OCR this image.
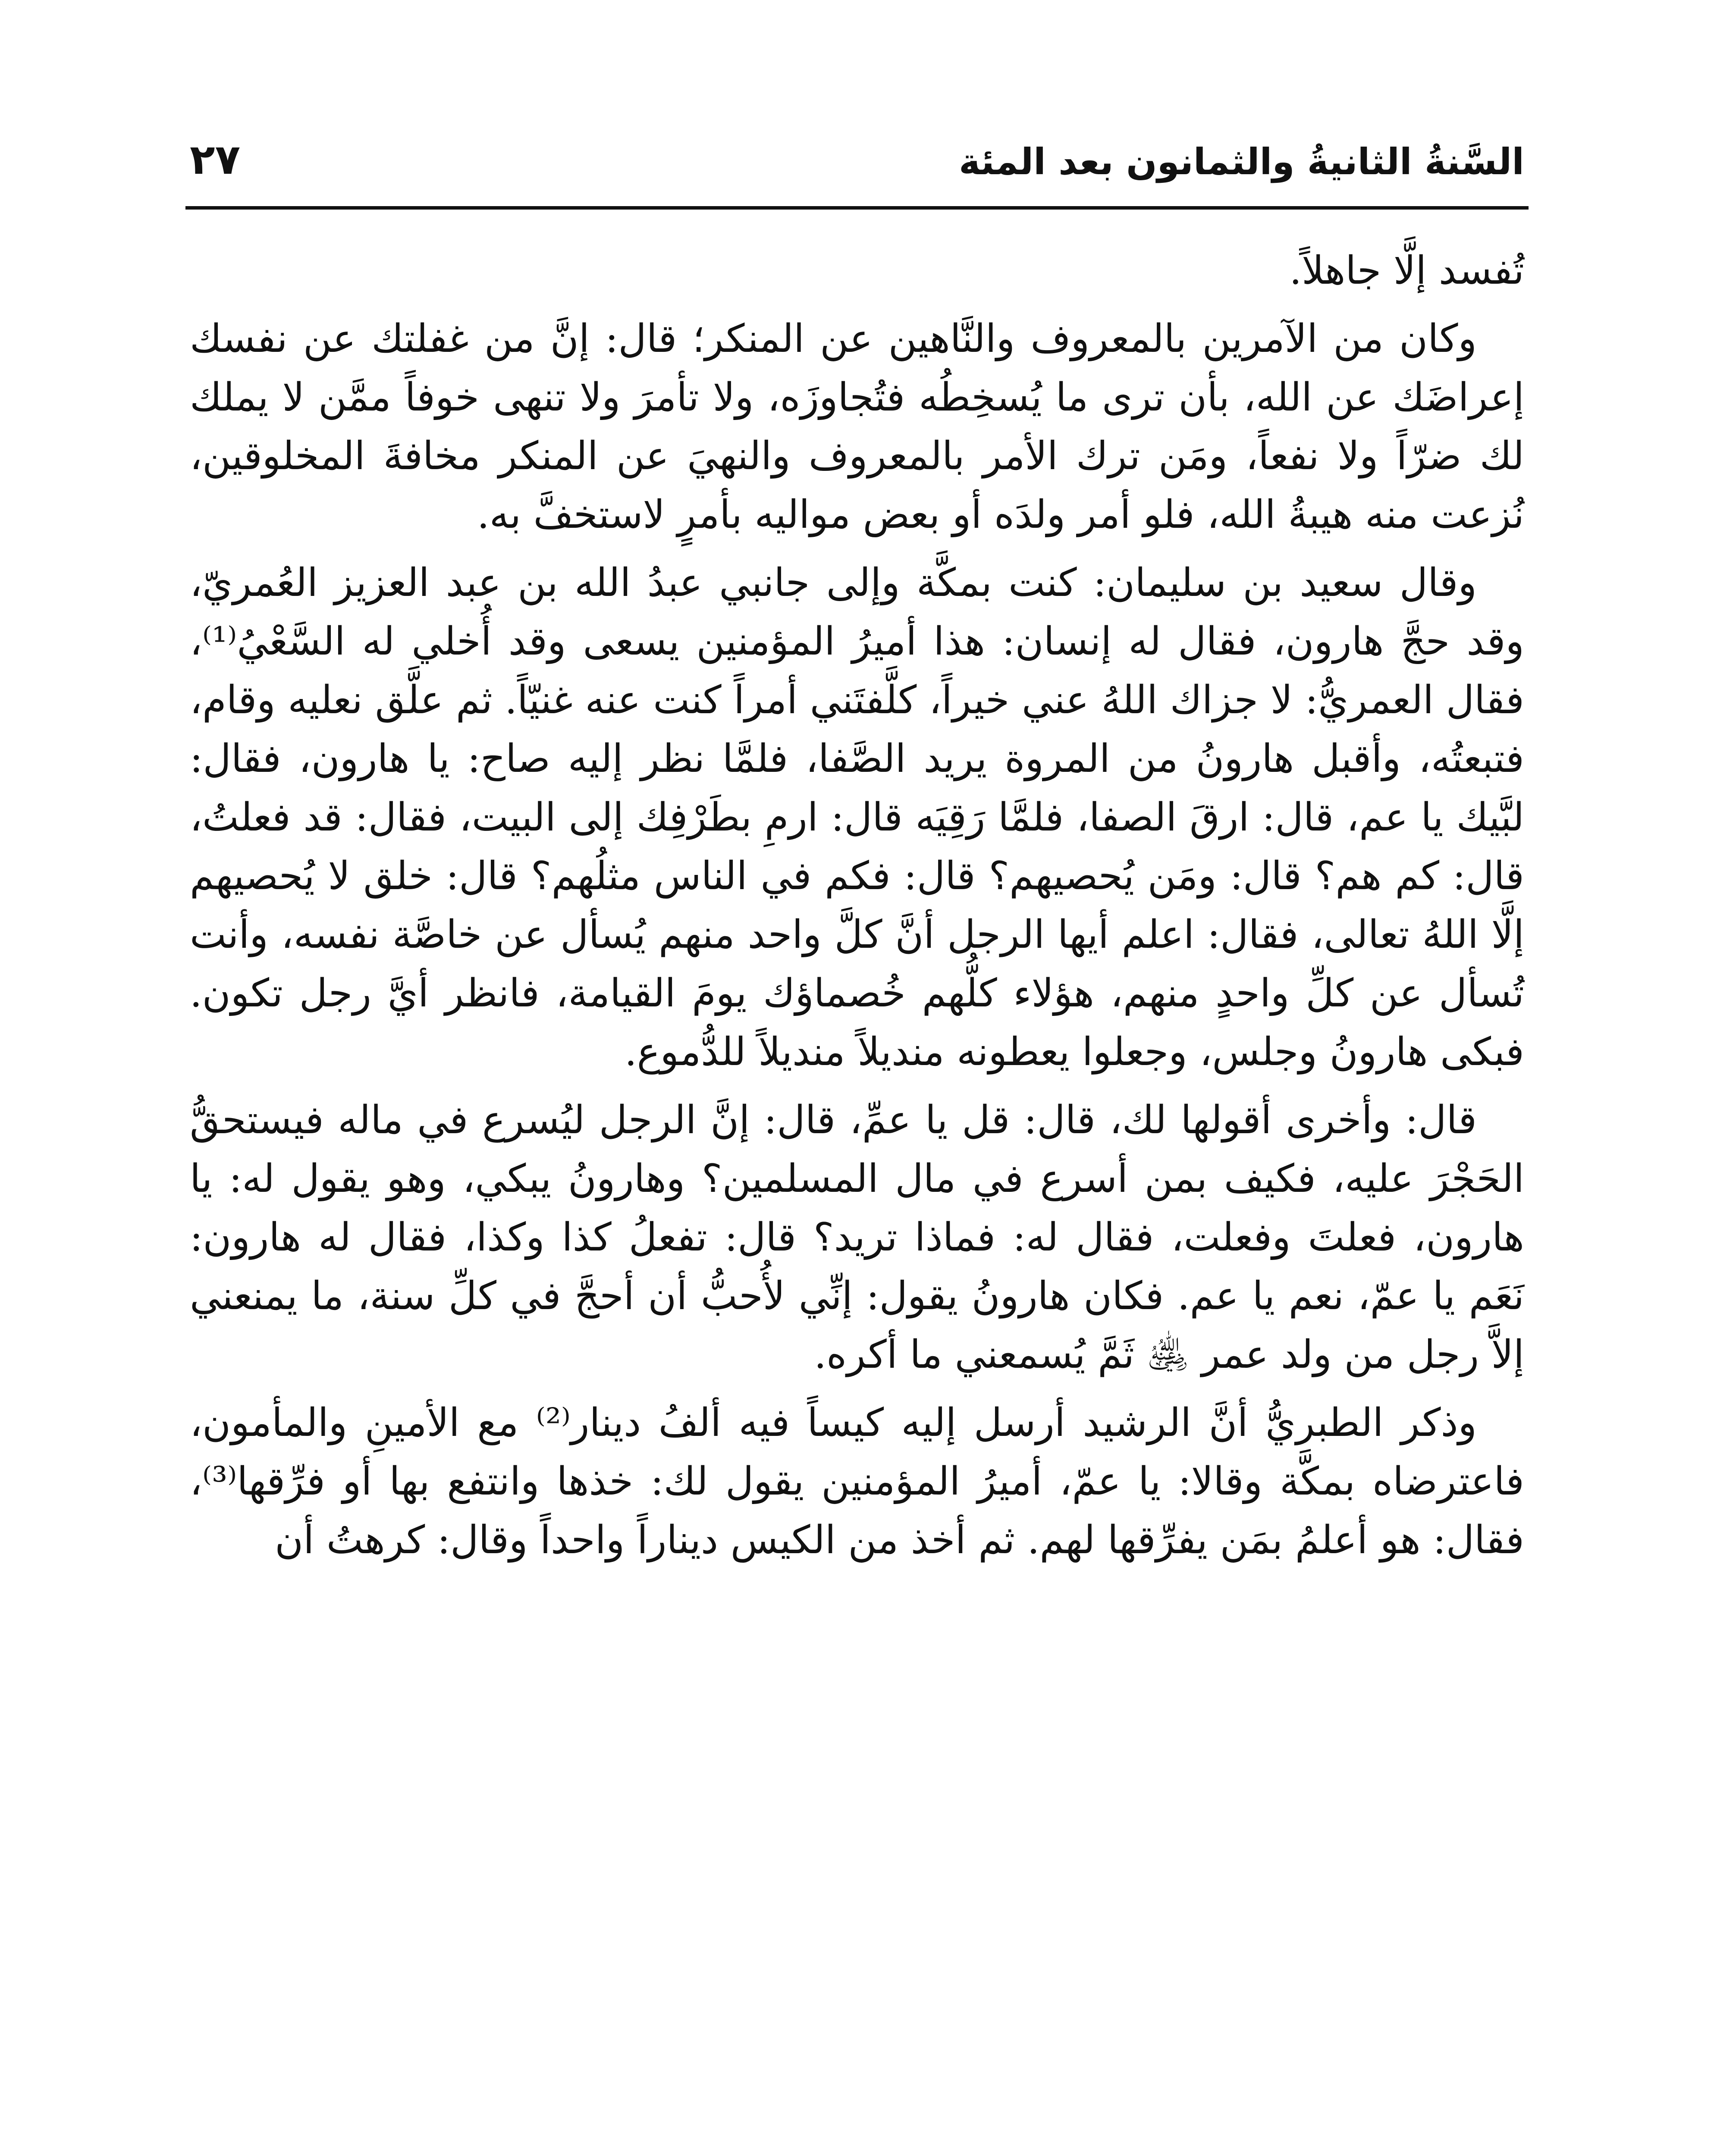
السَّنةُ الثانيةُ والثمانون بعد المئة
٢٧

تُفسد إلَّا جاهلاً.

وكان من الآمرين بالمعروف والنَّاهين عن المنكر؛ قال: إنَّ من غفلتك عن نفسك إعراضَك عن الله، بأن ترى ما يُسخِطُه فتُجاوزَه، ولا تأمرَ ولا تنهى خوفاً ممَّن لا يملك لك ضرّاً ولا نفعاً، ومَن ترك الأمر بالمعروف والنهيَ عن المنكر مخافةَ المخلوقين، نُزعت منه هيبةُ الله، فلو أمر ولدَه أو بعض مواليه بأمرٍ لاستخفَّ به.

وقال سعيد بن سليمان: كنت بمكَّة وإلى جانبي عبدُ الله بن عبد العزيز العُمريّ، وقد حجَّ هارون، فقال له إنسان: هذا أميرُ المؤمنين يسعى وقد أُخلي له السَّعْيُ⁽¹⁾، فقال العمريُّ: لا جزاك اللهُ عني خيراً، كلَّفتَني أمراً كنت عنه غنيّاً. ثم علَّق نعليه وقام، فتبعتُه، وأقبل هارونُ من المروة يريد الصَّفا، فلمَّا نظر إليه صاح: يا هارون، فقال: لبَّيك يا عم، قال: ارقَ الصفا، فلمَّا رَقِيَه قال: ارمِ بطَرْفِك إلى البيت، فقال: قد فعلتُ، قال: كم هم؟ قال: ومَن يُحصيهم؟ قال: فكم في الناس مثلُهم؟ قال: خلق لا يُحصيهم إلَّا اللهُ تعالى، فقال: اعلم أيها الرجل أنَّ كلَّ واحد منهم يُسأل عن خاصَّة نفسه، وأنت تُسأل عن كلِّ واحدٍ منهم، هؤلاء كلُّهم خُصماؤك يومَ القيامة، فانظر أيَّ رجل تكون. فبكى هارونُ وجلس، وجعلوا يعطونه منديلاً منديلاً للدُّموع.

قال: وأخرى أقولها لك، قال: قل يا عمِّ، قال: إنَّ الرجل ليُسرع في ماله فيستحقُّ الحَجْرَ عليه، فكيف بمن أسرع في مال المسلمين؟ وهارونُ يبكي، وهو يقول له: يا هارون، فعلتَ وفعلت، فقال له: فماذا تريد؟ قال: تفعلُ كذا وكذا، فقال له هارون: نَعَم يا عمّ، نعم يا عم. فكان هارونُ يقول: إنِّي لأُحبُّ أن أحجَّ في كلِّ سنة، ما يمنعني إلاَّ رجل من ولد عمر ﵁ ثَمَّ يُسمعني ما أكره.

وذكر الطبريُّ أنَّ الرشيد أرسل إليه كيساً فيه ألفُ دينار⁽²⁾ مع الأمينِ والمأمون، فاعترضاه بمكَّة وقالا: يا عمّ، أميرُ المؤمنين يقول لك: خذها وانتفع بها أو فرِّقها⁽³⁾، فقال: هو أعلمُ بمَن يفرِّقها لهم. ثم أخذ من الكيس ديناراً واحداً وقال: كرهتُ أن
